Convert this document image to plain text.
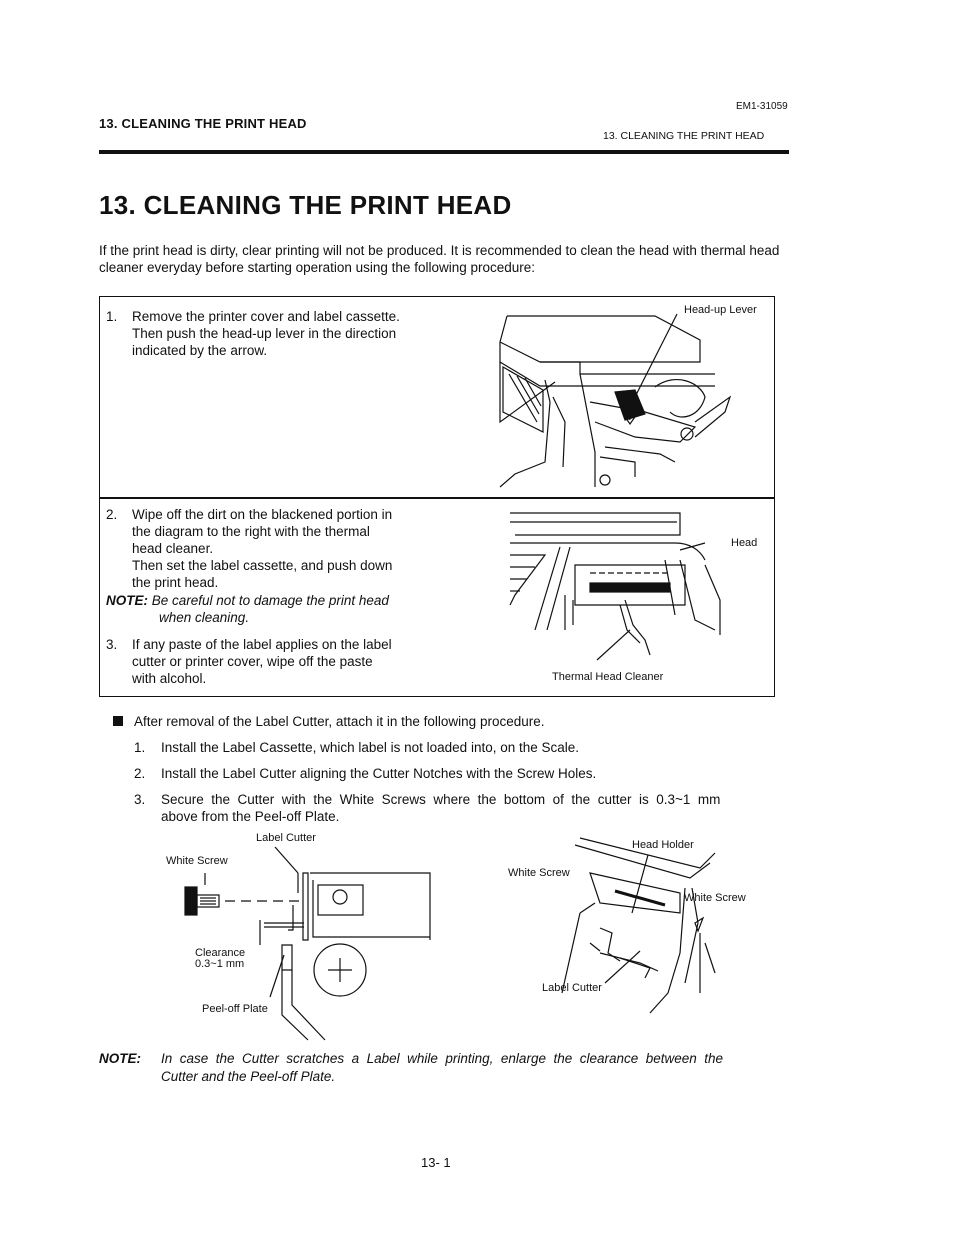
13. CLEANING THE PRINT HEAD
EM1-31059
13. CLEANING THE PRINT HEAD
13. CLEANING THE PRINT HEAD
If the print head is dirty, clear printing will not be produced. It is recommended to clean the head with thermal head cleaner everyday before starting operation using the following procedure:
1. Remove the printer cover and label cassette.
Then push the head-up lever in the direction
indicated by the arrow.
2. Wipe off the dirt on the blackened portion in
the diagram to the right with the thermal
head cleaner.
Then set the label cassette, and push down
the print head.
NOTE: Be careful not to damage the print head
when cleaning.
3. If any paste of the label applies on the label
cutter or printer cover, wipe off the paste
with alcohol.
Head-up Lever
Head
Thermal Head Cleaner
After removal of the Label Cutter, attach it in the following procedure.
1. Install the Label Cassette, which label is not loaded into, on the Scale.
2. Install the Label Cutter aligning the Cutter Notches with the Screw Holes.
3. Secure  the  Cutter  with  the  White  Screws  where  the  bottom  of  the  cutter  is  0.3~1  mm
above from the Peel-off Plate.
Label Cutter
White Screw
Clearance
0.3~1 mm
Peel-off Plate
Head Holder
White Screw
White Screw
Label Cutter
NOTE: In  case  the  Cutter  scratches  a  Label  while  printing,  enlarge  the  clearance  between  the
Cutter and the Peel-off Plate.
13- 1
